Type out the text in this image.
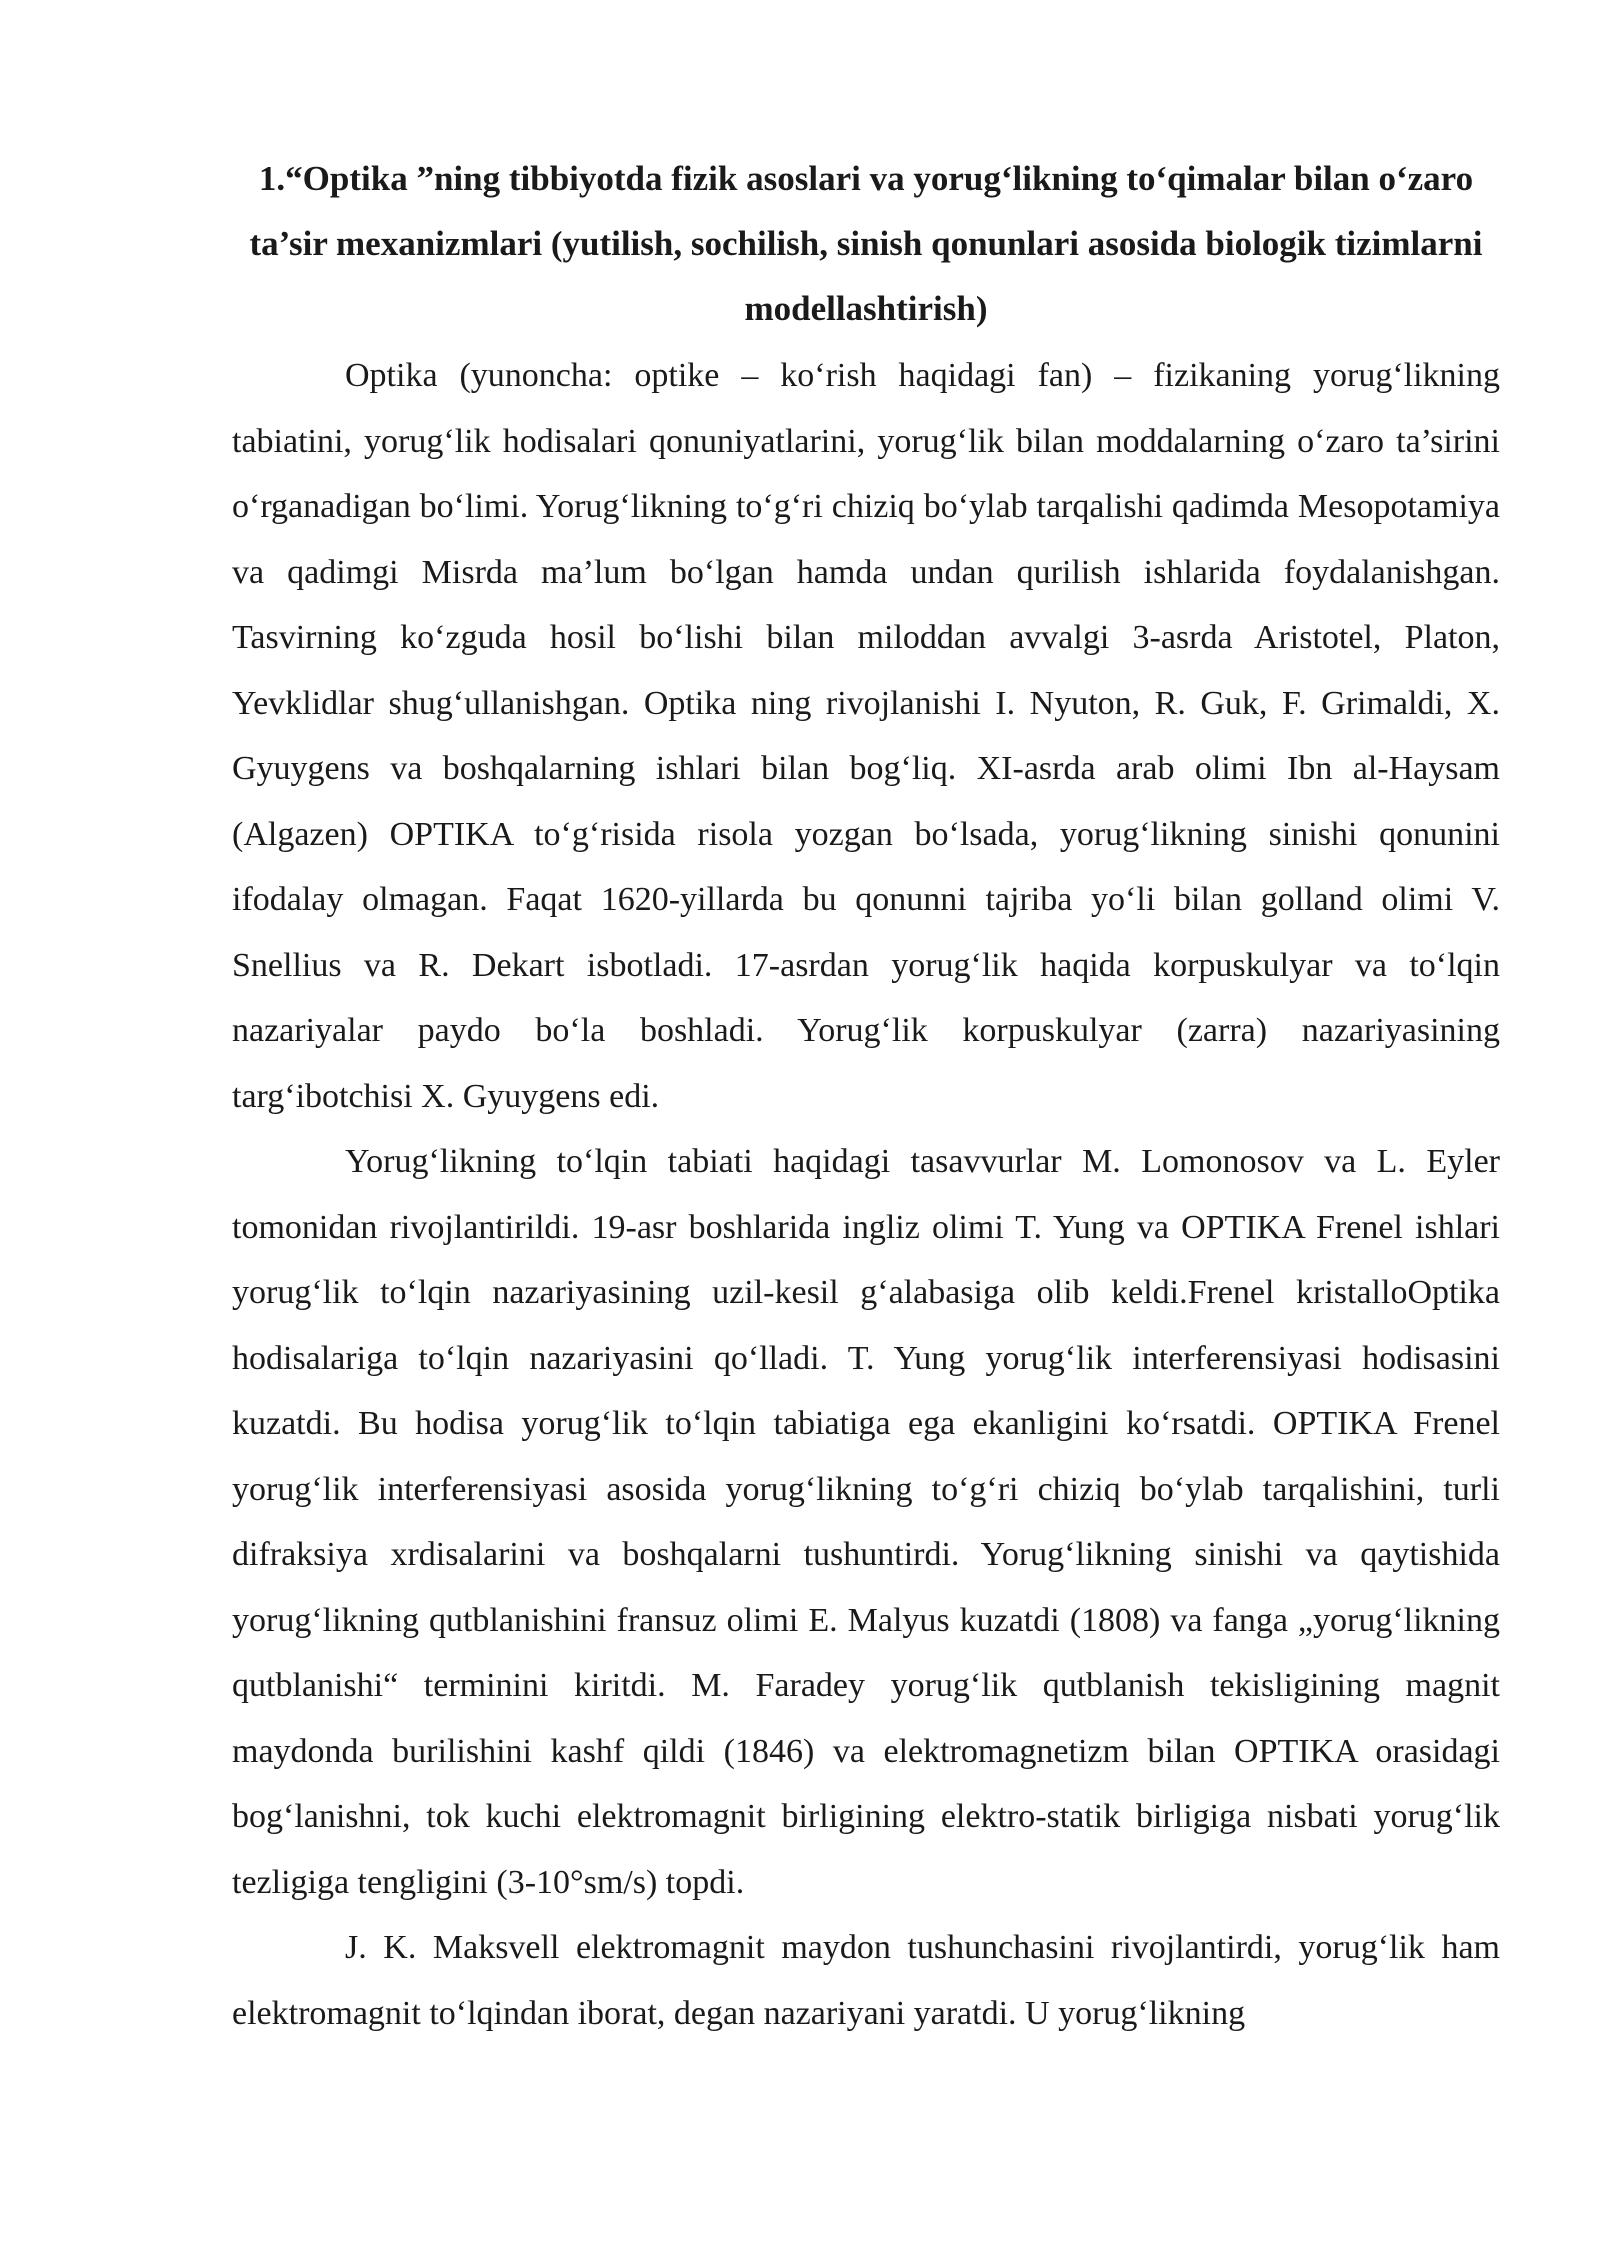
1.“Optika ”ning tibbiyotda fizik asoslari va yorug‘likning to‘qimalar bilan o‘zaro ta’sir mexanizmlari (yutilish, sochilish, sinish qonunlari asosida biologik tizimlarni modellashtirish)

Optika (yunoncha: optike – ko‘rish haqidagi fan) – fizikaning yorug‘likning tabiatini, yorug‘lik hodisalari qonuniyatlarini, yorug‘lik bilan moddalarning o‘zaro ta’sirini o‘rganadigan bo‘limi. Yorug‘likning to‘g‘ri chiziq bo‘ylab tarqalishi qadimda Mesopotamiya va qadimgi Misrda ma’lum bo‘lgan hamda undan qurilish ishlarida foydalanishgan. Tasvirning ko‘zguda hosil bo‘lishi bilan miloddan avvalgi 3-asrda Aristotel, Platon, Yevklidlar shug‘ullanishgan. Optika ning rivojlanishi I. Nyuton, R. Guk, F. Grimaldi, X. Gyuygens va boshqalarning ishlari bilan bog‘liq. XI-asrda arab olimi Ibn al-Haysam (Algazen) OPTIKA to‘g‘risida risola yozgan bo‘lsada, yorug‘likning sinishi qonunini ifodalay olmagan. Faqat 1620-yillarda bu qonunni tajriba yo‘li bilan golland olimi V. Snellius va R. Dekart isbotladi. 17-asrdan yorug‘lik haqida korpuskulyar va to‘lqin nazariyalar paydo bo‘la boshladi. Yorug‘lik korpuskulyar (zarra) nazariyasining targ‘ibotchisi X. Gyuygens edi.

Yorug‘likning to‘lqin tabiati haqidagi tasavvurlar M. Lomonosov va L. Eyler tomonidan rivojlantirildi. 19-asr boshlarida ingliz olimi T. Yung va OPTIKA Frenel ishlari yorug‘lik to‘lqin nazariyasining uzil-kesil g‘alabasiga olib keldi.Frenel kristalloOptika hodisalariga to‘lqin nazariyasini qo‘lladi. T. Yung yorug‘lik interferensiyasi hodisasini kuzatdi. Bu hodisa yorug‘lik to‘lqin tabiatiga ega ekanligini ko‘rsatdi. OPTIKA Frenel yorug‘lik interferensiyasi asosida yorug‘likning to‘g‘ri chiziq bo‘ylab tarqalishini, turli difraksiya xrdisalarini va boshqalarni tushuntirdi. Yorug‘likning sinishi va qaytishida yorug‘likning qutblanishini fransuz olimi E. Malyus kuzatdi (1808) va fanga „yorug‘likning qutblanishi“ terminini kiritdi. M. Faradey yorug‘lik qutblanish tekisligining magnit maydonda burilishini kashf qildi (1846) va elektromagnetizm bilan OPTIKA orasidagi bog‘lanishni, tok kuchi elektromagnit birligining elektro-statik birligiga nisbati yorug‘lik tezligiga tengligini (3-10°sm/s) topdi.

J. K. Maksvell elektromagnit maydon tushunchasini rivojlantirdi, yorug‘lik ham elektromagnit to‘lqindan iborat, degan nazariyani yaratdi. U yorug‘likning
